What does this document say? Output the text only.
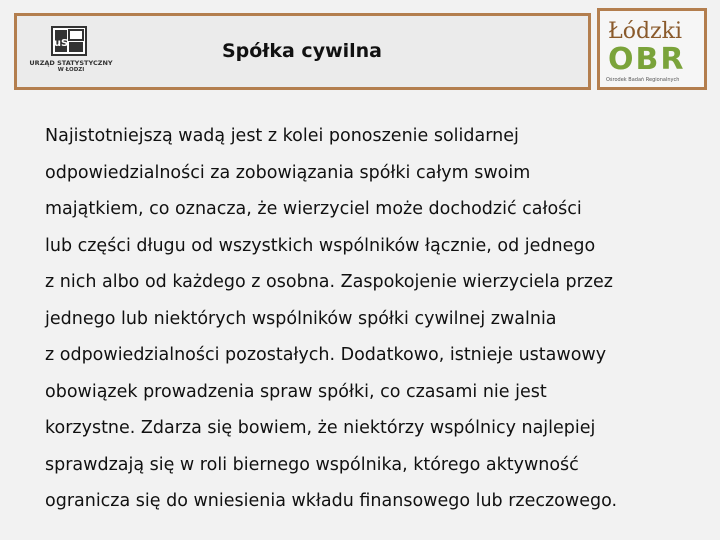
uS
URZĄD STATYSTYCZNY
W ŁODZI
Spółka cywilna
Łódzki
OBR
Ośrodek Badań Regionalnych
Najistotniejszą wadą jest z kolei ponoszenie solidarnej
odpowiedzialności za zobowiązania spółki całym swoim
majątkiem, co oznacza, że wierzyciel może dochodzić całości
lub części długu od wszystkich wspólników łącznie, od jednego
z nich albo od każdego z osobna. Zaspokojenie wierzyciela przez
jednego lub niektórych wspólników spółki cywilnej zwalnia
z odpowiedzialności pozostałych. Dodatkowo, istnieje ustawowy
obowiązek prowadzenia spraw spółki, co czasami nie jest
korzystne. Zdarza się bowiem, że niektórzy wspólnicy najlepiej
sprawdzają się w roli biernego wspólnika, którego aktywność
ogranicza się do wniesienia wkładu finansowego lub rzeczowego.
